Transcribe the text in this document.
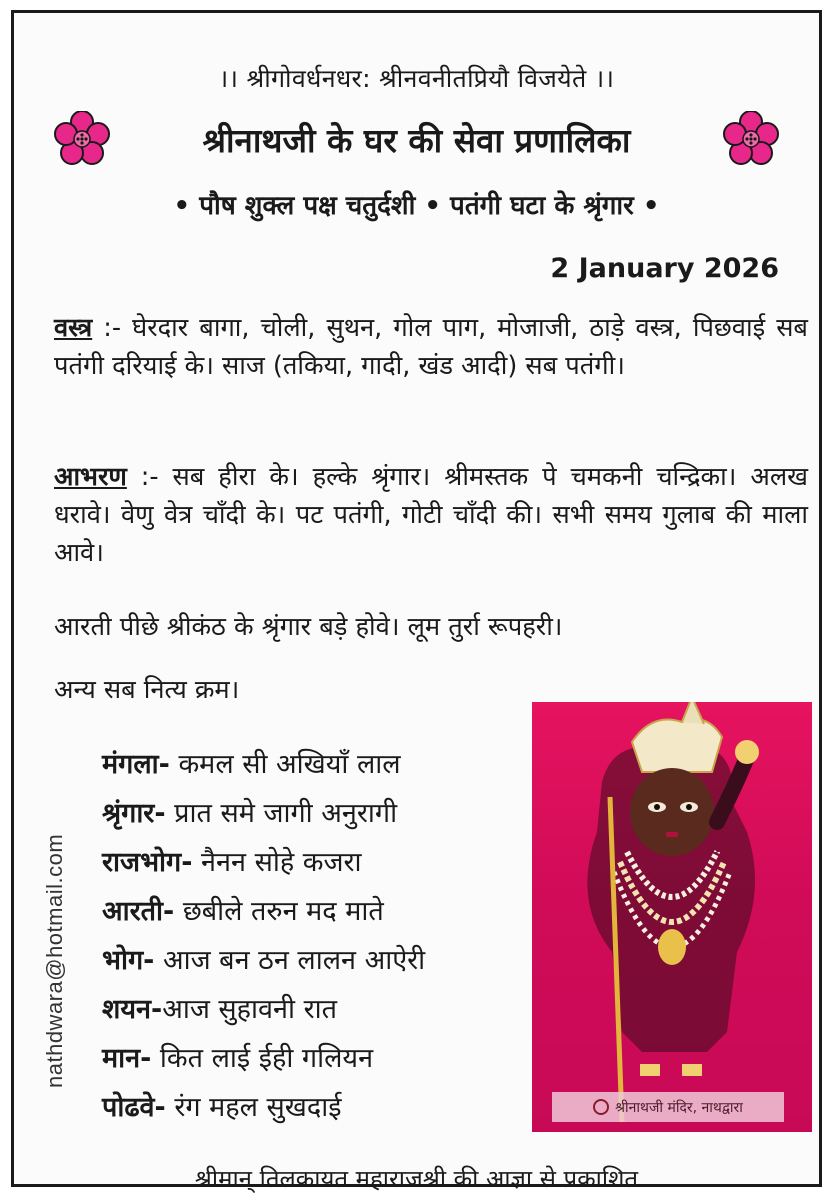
।। श्रीगोवर्धनधर: श्रीनवनीतप्रियौ विजयेते ।।
श्रीनाथजी के घर की सेवा प्रणालिका
• पौष शुक्ल पक्ष चतुर्दशी • पतंगी घटा के श्रृंगार •
2 January 2026
वस्त्र :- घेरदार बागा, चोली, सुथन, गोल पाग, मोजाजी, ठाड़े वस्त्र, पिछवाई सब पतंगी दरियाई के। साज (तकिया, गादी, खंड आदी) सब पतंगी।
आभरण :- सब हीरा के। हल्के श्रृंगार। श्रीमस्तक पे चमकनी चन्द्रिका। अलख धरावे। वेणु वेत्र चाँदी के। पट पतंगी, गोटी चाँदी की। सभी समय गुलाब की माला आवे।
आरती पीछे श्रीकंठ के श्रृंगार बड़े होवे। लूम तुर्रा रूपहरी।
अन्य सब नित्य क्रम।
मंगला- कमल सी अखियाँ लाल
श्रृंगार- प्रात समे जागी अनुरागी
राजभोग- नैनन सोहे कजरा
आरती- छबीले तरुन मद माते
भोग- आज बन ठन लालन आऐरी
शयन-आज सुहावनी रात
मान- कित लाई ईही गलियन
पोढवे- रंग महल सुखदाई
nathdwara@hotmail.com
श्रीनाथजी मंदिर, नाथद्वारा
श्रीमान् तिलकायत महाराजश्री की आज्ञा से प्रकाशित
